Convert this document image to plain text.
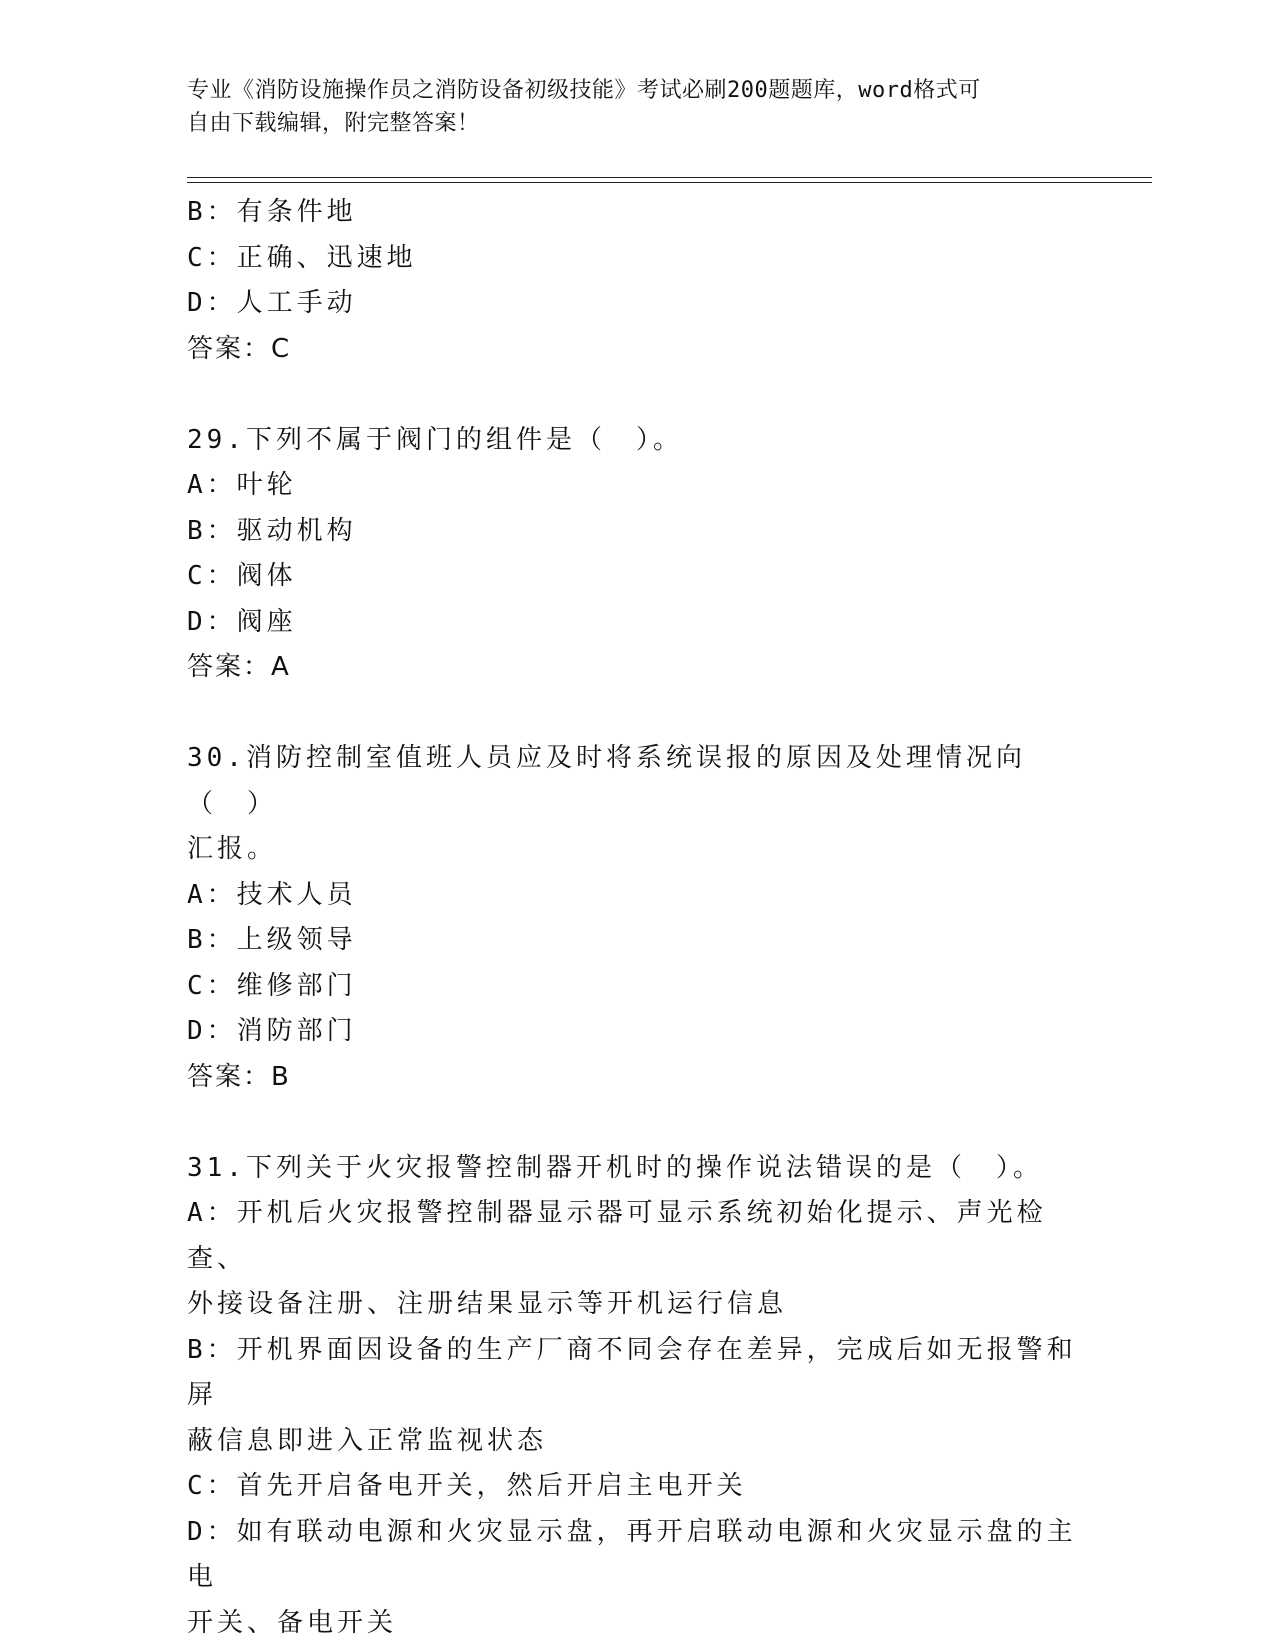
专业《消防设施操作员之消防设备初级技能》考试必刷200题题库，word格式可
自由下载编辑，附完整答案！
B：有条件地
C：正确、迅速地
D：人工手动
答案：C
29.下列不属于阀门的组件是（　）。
A：叶轮
B：驱动机构
C：阀体
D：阀座
答案：A
30.消防控制室值班人员应及时将系统误报的原因及处理情况向（　）
汇报。
A：技术人员
B：上级领导
C：维修部门
D：消防部门
答案：B
31.下列关于火灾报警控制器开机时的操作说法错误的是（　）。
A：开机后火灾报警控制器显示器可显示系统初始化提示、声光检查、
外接设备注册、注册结果显示等开机运行信息
B：开机界面因设备的生产厂商不同会存在差异，完成后如无报警和屏
蔽信息即进入正常监视状态
C：首先开启备电开关，然后开启主电开关
D：如有联动电源和火灾显示盘，再开启联动电源和火灾显示盘的主电
开关、备电开关
